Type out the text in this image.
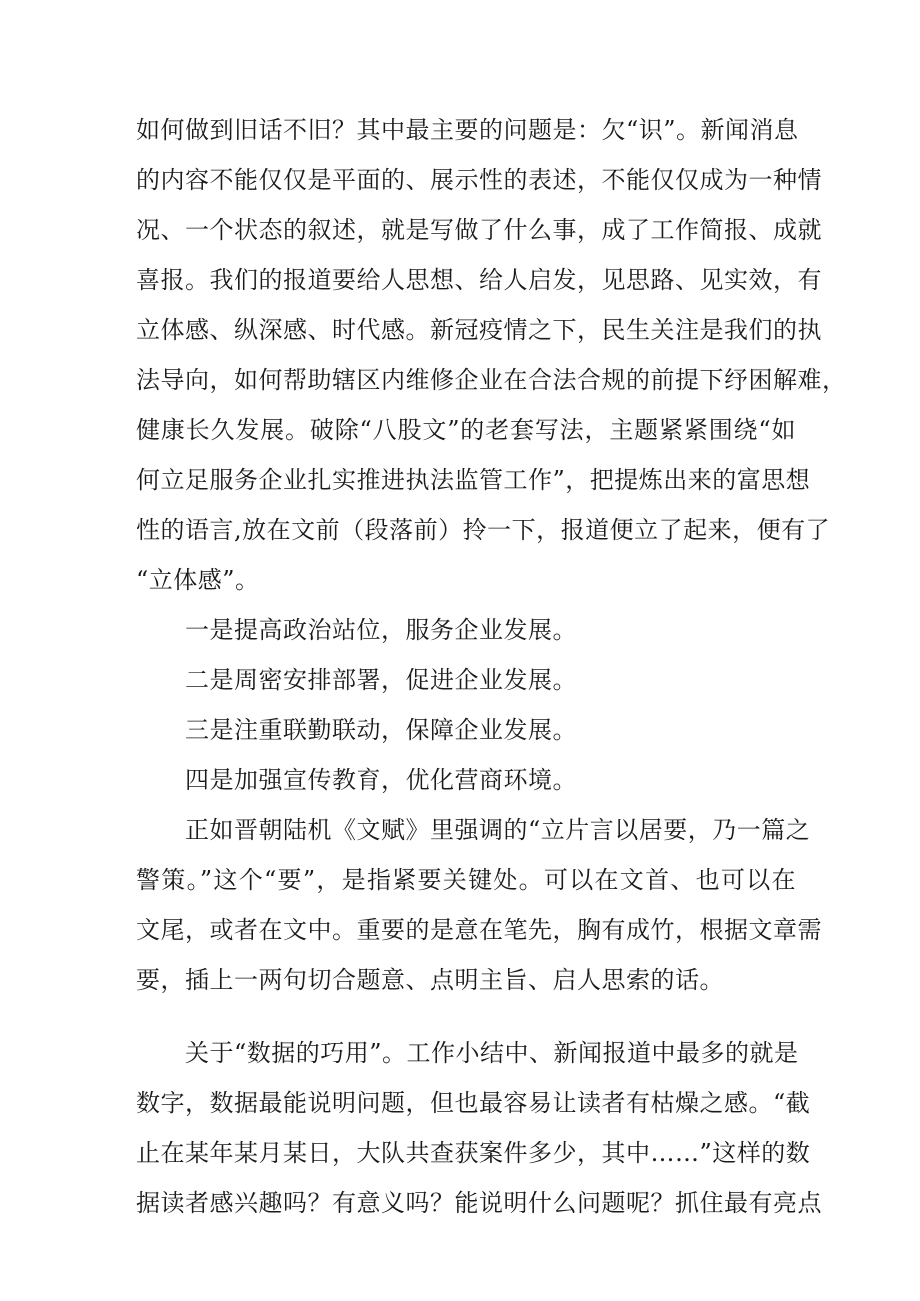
如何做到旧话不旧？其中最主要的问题是：欠“识”。新闻消息
的内容不能仅仅是平面的、展示性的表述，不能仅仅成为一种情
况、一个状态的叙述，就是写做了什么事，成了工作简报、成就
喜报。我们的报道要给人思想、给人启发，见思路、见实效，有
立体感、纵深感、时代感。新冠疫情之下，民生关注是我们的执
法导向，如何帮助辖区内维修企业在合法合规的前提下纾困解难，
健康长久发展。破除“八股文”的老套写法，主题紧紧围绕“如
何立足服务企业扎实推进执法监管工作”，把提炼出来的富思想
性的语言,放在文前（段落前）拎一下，报道便立了起来，便有了
“立体感”。
一是提高政治站位，服务企业发展。
二是周密安排部署，促进企业发展。
三是注重联勤联动，保障企业发展。
四是加强宣传教育，优化营商环境。
正如晋朝陆机《文赋》里强调的“立片言以居要，乃一篇之
警策。”这个“要”，是指紧要关键处。可以在文首、也可以在
文尾，或者在文中。重要的是意在笔先，胸有成竹，根据文章需
要，插上一两句切合题意、点明主旨、启人思索的话。
关于“数据的巧用”。工作小结中、新闻报道中最多的就是
数字，数据最能说明问题，但也最容易让读者有枯燥之感。“截
止在某年某月某日，大队共查获案件多少，其中……”这样的数
据读者感兴趣吗？有意义吗？能说明什么问题呢？抓住最有亮点
